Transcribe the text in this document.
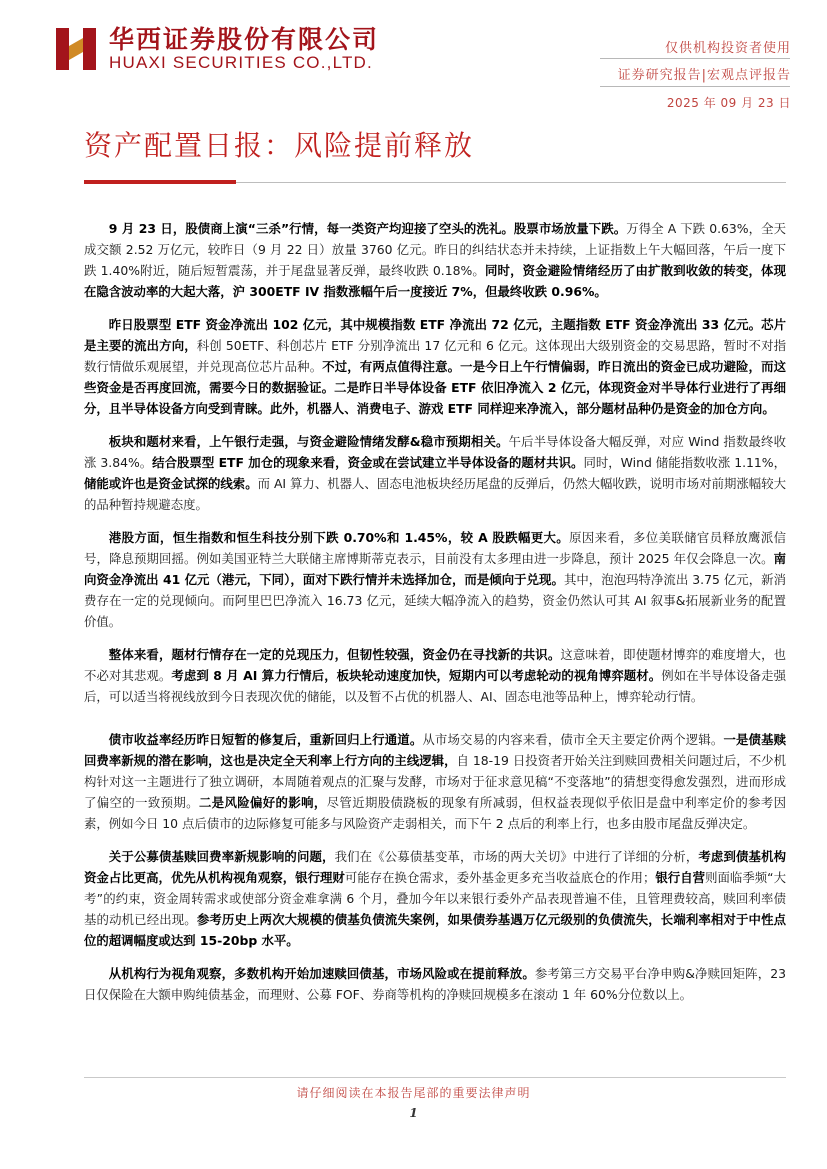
华西证券股份有限公司
HUAXI SECURITIES CO.,LTD.
仅供机构投资者使用
证券研究报告|宏观点评报告
2025 年 09 月 23 日
资产配置日报：风险提前释放

9 月 23 日，股债商上演“三杀”行情，每一类资产均迎接了空头的洗礼。股票市场放量下跌。万得全 A 下跌 0.63%，全天成交额 2.52 万亿元，较昨日（9 月 22 日）放量 3760 亿元。昨日的纠结状态并未持续，上证指数上午大幅回落，午后一度下跌 1.40%附近，随后短暂震荡，并于尾盘显著反弹，最终收跌 0.18%。同时，资金避险情绪经历了由扩散到收敛的转变，体现在隐含波动率的大起大落，沪 300ETF IV 指数涨幅午后一度接近 7%，但最终收跌 0.96%。

昨日股票型 ETF 资金净流出 102 亿元，其中规模指数 ETF 净流出 72 亿元，主题指数 ETF 资金净流出 33 亿元。芯片是主要的流出方向，科创 50ETF、科创芯片 ETF 分别净流出 17 亿元和 6 亿元。这体现出大级别资金的交易思路，暂时不对指数行情做乐观展望，并兑现高位芯片品种。不过，有两点值得注意。一是今日上午行情偏弱，昨日流出的资金已成功避险，而这些资金是否再度回流，需要今日的数据验证。二是昨日半导体设备 ETF 依旧净流入 2 亿元，体现资金对半导体行业进行了再细分，且半导体设备方向受到青睐。此外，机器人、消费电子、游戏 ETF 同样迎来净流入，部分题材品种仍是资金的加仓方向。

板块和题材来看，上午银行走强，与资金避险情绪发酵&稳市预期相关。午后半导体设备大幅反弹，对应 Wind 指数最终收涨 3.84%。结合股票型 ETF 加仓的现象来看，资金或在尝试建立半导体设备的题材共识。同时，Wind 储能指数收涨 1.11%，储能或许也是资金试探的线索。而 AI 算力、机器人、固态电池板块经历尾盘的反弹后，仍然大幅收跌，说明市场对前期涨幅较大的品种暂持规避态度。

港股方面，恒生指数和恒生科技分别下跌 0.70%和 1.45%，较 A 股跌幅更大。原因来看，多位美联储官员释放鹰派信号，降息预期回摇。例如美国亚特兰大联储主席博斯蒂克表示，目前没有太多理由进一步降息，预计 2025 年仅会降息一次。南向资金净流出 41 亿元（港元，下同），面对下跌行情并未选择加仓，而是倾向于兑现。其中，泡泡玛特净流出 3.75 亿元，新消费存在一定的兑现倾向。而阿里巴巴净流入 16.73 亿元，延续大幅净流入的趋势，资金仍然认可其 AI 叙事&拓展新业务的配置价值。

整体来看，题材行情存在一定的兑现压力，但韧性较强，资金仍在寻找新的共识。这意味着，即使题材博弈的难度增大，也不必对其悲观。考虑到 8 月 AI 算力行情后，板块轮动速度加快，短期内可以考虑轮动的视角博弈题材。例如在半导体设备走强后，可以适当将视线放到今日表现次优的储能，以及暂不占优的机器人、AI、固态电池等品种上，博弈轮动行情。

债市收益率经历昨日短暂的修复后，重新回归上行通道。从市场交易的内容来看，债市全天主要定价两个逻辑。一是债基赎回费率新规的潜在影响，这也是决定全天利率上行方向的主线逻辑，自 18-19 日投资者开始关注到赎回费相关问题过后，不少机构针对这一主题进行了独立调研，本周随着观点的汇聚与发酵，市场对于征求意见稿“不变落地”的猜想变得愈发强烈，进而形成了偏空的一致预期。二是风险偏好的影响，尽管近期股债跷板的现象有所减弱，但权益表现似乎依旧是盘中利率定价的参考因素，例如今日 10 点后债市的边际修复可能多与风险资产走弱相关，而下午 2 点后的利率上行，也多由股市尾盘反弹决定。

关于公募债基赎回费率新规影响的问题，我们在《公募债基变革，市场的两大关切》中进行了详细的分析，考虑到债基机构资金占比更高，优先从机构视角观察，银行理财可能存在换仓需求，委外基金更多充当收益底仓的作用；银行自营则面临季频“大考”的约束，资金周转需求或使部分资金难拿满 6 个月，叠加今年以来银行委外产品表现普遍不佳，且管理费较高，赎回利率债基的动机已经出现。参考历史上两次大规模的债基负债流失案例，如果债券基遇万亿元级别的负债流失，长端利率相对于中性点位的超调幅度或达到 15-20bp 水平。

从机构行为视角观察，多数机构开始加速赎回债基，市场风险或在提前释放。参考第三方交易平台净申购&净赎回矩阵，23 日仅保险在大额申购纯债基金，而理财、公募 FOF、券商等机构的净赎回规模多在滚动 1 年 60%分位数以上。

请仔细阅读在本报告尾部的重要法律声明
1
